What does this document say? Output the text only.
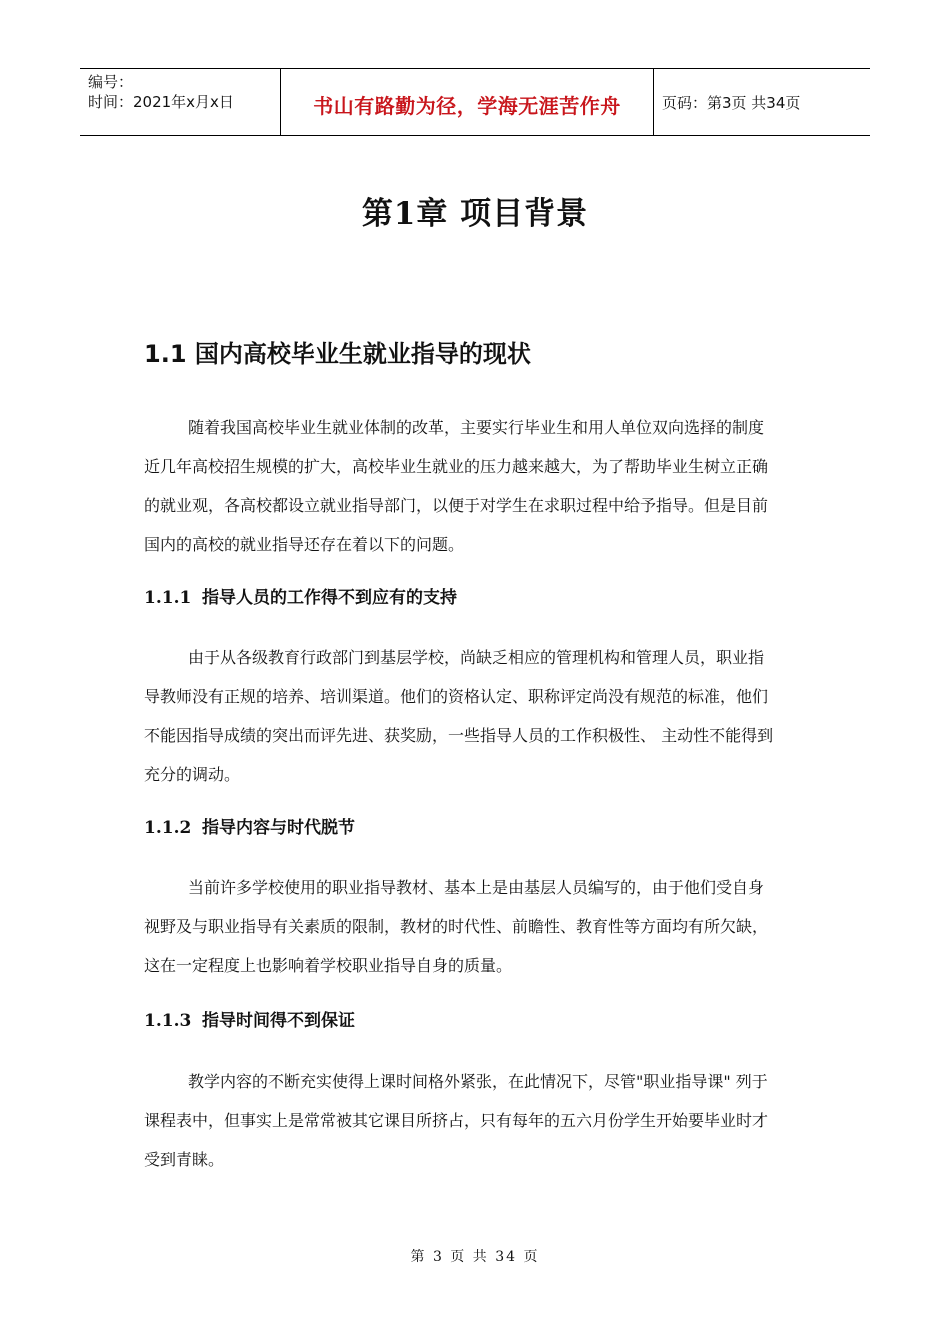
编号：
时间：2021年x月x日	书山有路勤为径，学海无涯苦作舟	页码：第3页 共34页
第1章 项目背景
1.1 国内高校毕业生就业指导的现状
随着我国高校毕业生就业体制的改革，主要实行毕业生和用人单位双向选择的制度
近几年高校招生规模的扩大，高校毕业生就业的压力越来越大，为了帮助毕业生树立正确
的就业观，各高校都设立就业指导部门，以便于对学生在求职过程中给予指导。但是目前
国内的高校的就业指导还存在着以下的问题。
1.1.1 指导人员的工作得不到应有的支持
由于从各级教育行政部门到基层学校，尚缺乏相应的管理机构和管理人员，职业指
导教师没有正规的培养、培训渠道。他们的资格认定、职称评定尚没有规范的标准，他们
不能因指导成绩的突出而评先进、获奖励，一些指导人员的工作积极性、 主动性不能得到
充分的调动。
1.1.2 指导内容与时代脱节
当前许多学校使用的职业指导教材、基本上是由基层人员编写的，由于他们受自身
视野及与职业指导有关素质的限制，教材的时代性、前瞻性、教育性等方面均有所欠缺，
这在一定程度上也影响着学校职业指导自身的质量。
1.1.3 指导时间得不到保证
教学内容的不断充实使得上课时间格外紧张，在此情况下，尽管"职业指导课" 列于
课程表中，但事实上是常常被其它课目所挤占，只有每年的五六月份学生开始要毕业时才
受到青睐。
第 3 页 共 34 页
